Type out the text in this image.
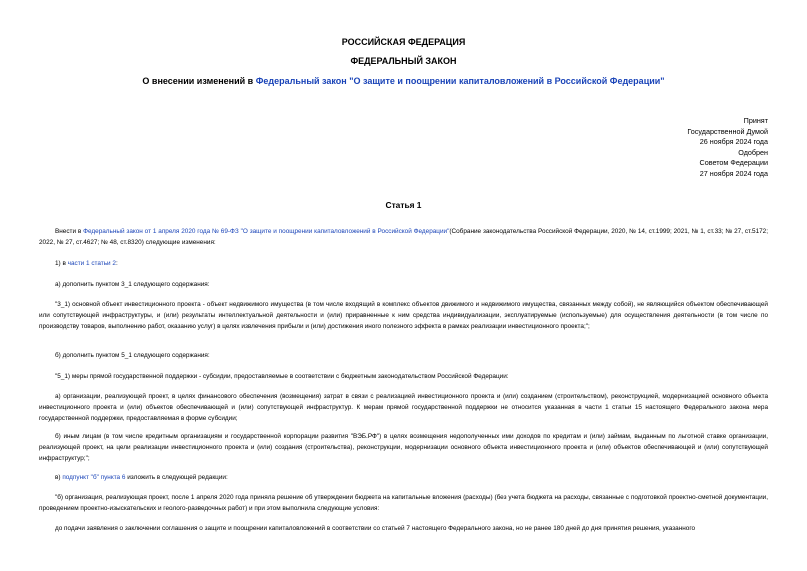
РОССИЙСКАЯ ФЕДЕРАЦИЯ
ФЕДЕРАЛЬНЫЙ ЗАКОН
О внесении изменений в Федеральный закон "О защите и поощрении капиталовложений в Российской Федерации"
Принят
Государственной Думой
26 ноября 2024 года
Одобрен
Советом Федерации
27 ноября 2024 года
Статья 1

Внести в Федеральный закон от 1 апреля 2020 года № 69-ФЗ "О защите и поощрении капиталовложений в Российской Федерации"(Собрание законодательства Российской Федерации, 2020, № 14, ст.1999; 2021, № 1, ст.33; № 27, ст.5172; 2022, № 27, ст.4627; № 48, ст.8320) следующие изменения:

1) в части 1 статьи 2:

а) дополнить пунктом 3_1 следующего содержания:

"3_1) основной объект инвестиционного проекта - объект недвижимого имущества (в том числе входящий в комплекс объектов движимого и недвижимого имущества, связанных между собой), не являющийся объектом обеспечивающей или сопутствующей инфраструктуры, и (или) результаты интеллектуальной деятельности и (или) приравненные к ним средства индивидуализации, эксплуатируемые (используемые) для осуществления деятельности (в том числе по производству товаров, выполнению работ, оказанию услуг) в целях извлечения прибыли и (или) достижения иного полезного эффекта в рамках реализации инвестиционного проекта;";

б) дополнить пунктом 5_1 следующего содержания:

"5_1) меры прямой государственной поддержки - субсидии, предоставляемые в соответствии с бюджетным законодательством Российской Федерации:

а) организации, реализующей проект, в целях финансового обеспечения (возмещения) затрат в связи с реализацией инвестиционного проекта и (или) созданием (строительством), реконструкцией, модернизацией основного объекта инвестиционного проекта и (или) объектов обеспечивающей и (или) сопутствующей инфраструктур. К мерам прямой государственной поддержки не относится указанная в части 1 статьи 15 настоящего Федерального закона мера государственной поддержки, предоставляемая в форме субсидии;

б) иным лицам (в том числе кредитным организациям и государственной корпорации развития "ВЭБ.РФ") в целях возмещения недополученных ими доходов по кредитам и (или) займам, выданным по льготной ставке организации, реализующей проект, на цели реализации инвестиционного проекта и (или) создания (строительства), реконструкции, модернизации основного объекта инвестиционного проекта и (или) объектов обеспечивающей и (или) сопутствующей инфраструктур;";

в) подпункт "б" пункта 6 изложить в следующей редакции:

"б) организация, реализующая проект, после 1 апреля 2020 года приняла решение об утверждении бюджета на капитальные вложения (расходы) (без учета бюджета на расходы, связанные с подготовкой проектно-сметной документации, проведением проектно-изыскательских и геолого-разведочных работ) и при этом выполнила следующие условия:

до подачи заявления о заключении соглашения о защите и поощрении капиталовложений в соответствии со статьей 7 настоящего Федерального закона, но не ранее 180 дней до дня принятия решения, указанного
